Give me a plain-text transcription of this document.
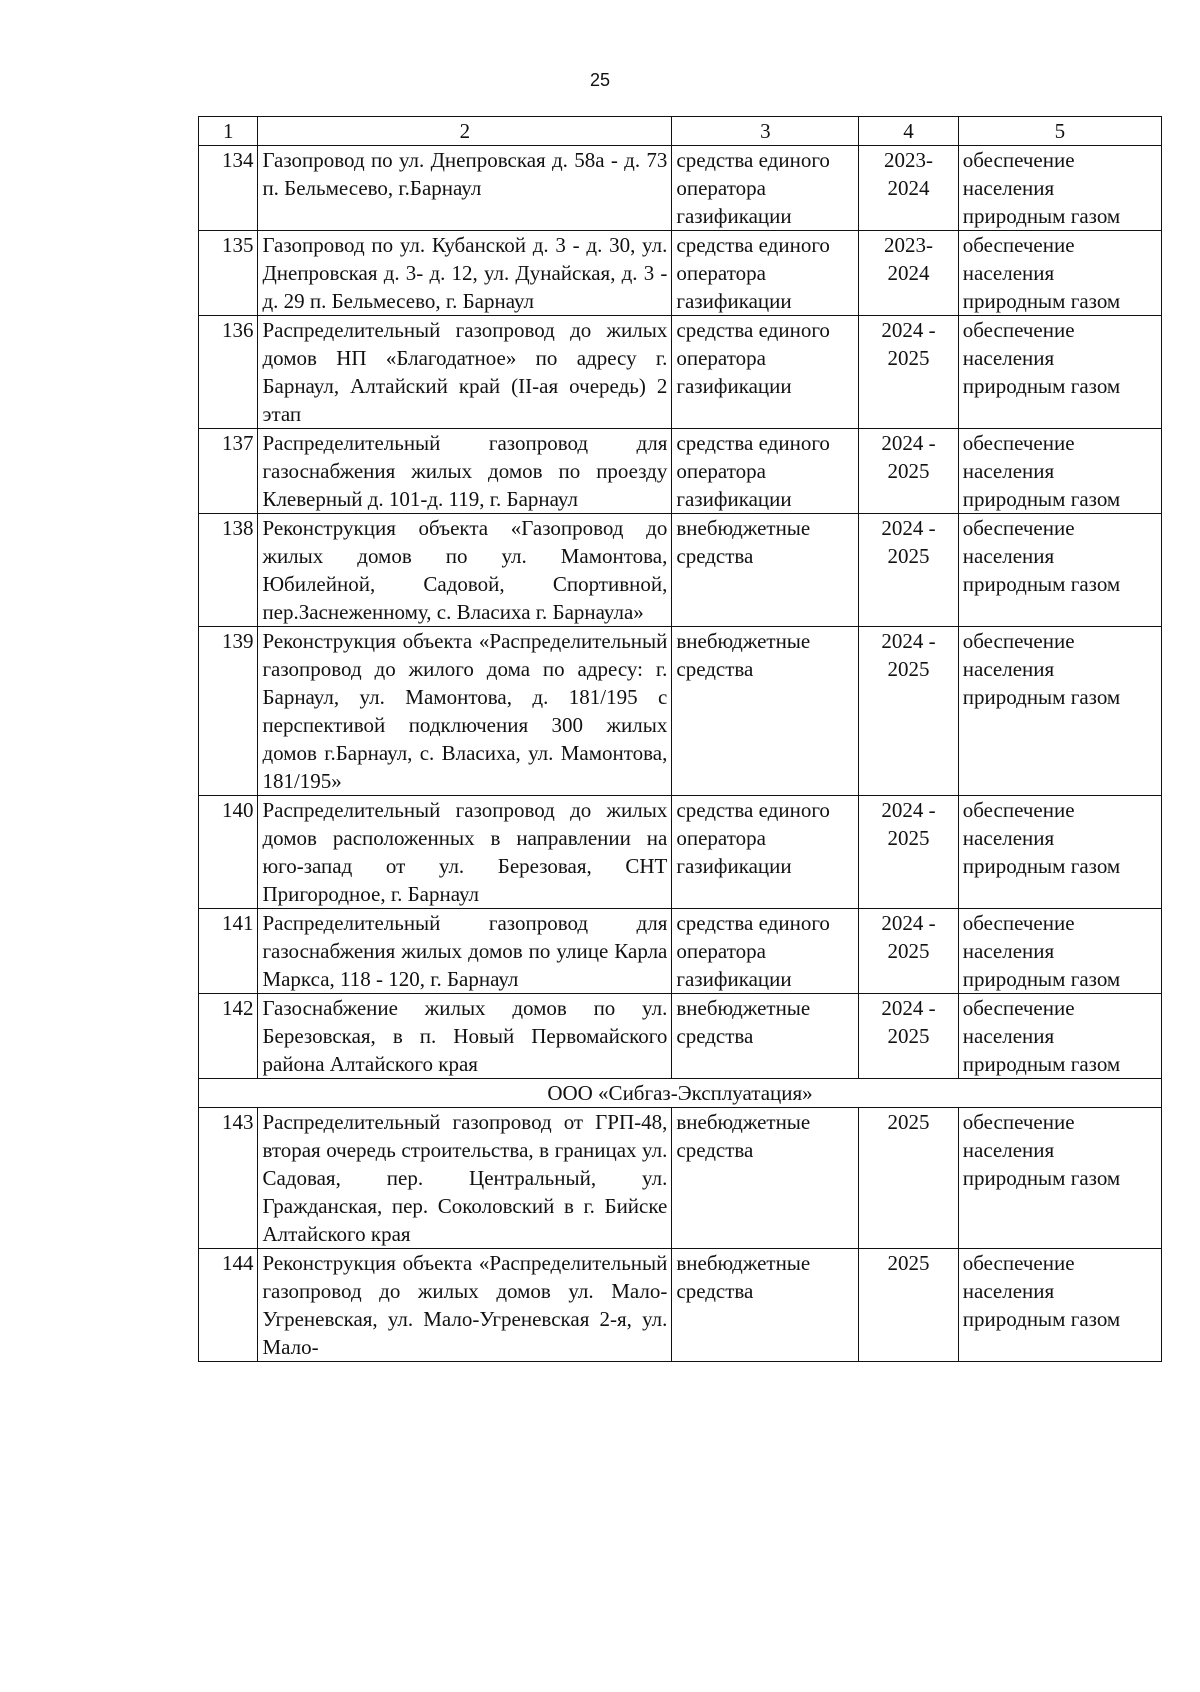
25
1	2	3	4	5
134	Газопровод по ул. Днепровская д. 58а - д. 73 п. Бельмесево, г.Барнаул	средства единого оператора газификации	2023-2024	обеспечение населения природным газом
135	Газопровод по ул. Кубанской д. 3 - д. 30, ул. Днепровская д. 3- д. 12, ул. Дунайская, д. 3 - д. 29 п. Бельмесево, г. Барнаул	средства единого оператора газификации	2023-2024	обеспечение населения природным газом
136	Распределительный газопровод до жилых домов НП «Благодатное» по адресу г. Барнаул, Алтайский край (II-ая очередь) 2 этап	средства единого оператора газификации	2024 - 2025	обеспечение населения природным газом
137	Распределительный газопровод для газоснабжения жилых домов по проезду Клеверный д. 101-д. 119, г. Барнаул	средства единого оператора газификации	2024 - 2025	обеспечение населения природным газом
138	Реконструкция объекта «Газопровод до жилых домов по ул. Мамонтова, Юбилейной, Садовой, Спортивной, пер.Заснеженному, с. Власиха г. Барнаула»	внебюджетные средства	2024 - 2025	обеспечение населения природным газом
139	Реконструкция объекта «Распределительный газопровод до жилого дома по адресу: г. Барнаул, ул. Мамонтова, д. 181/195 с перспективой подключения 300 жилых домов г.Барнаул, с. Власиха, ул. Мамонтова, 181/195»	внебюджетные средства	2024 - 2025	обеспечение населения природным газом
140	Распределительный газопровод до жилых домов расположенных в направлении на юго-запад от ул. Березовая, СНТ Пригородное, г. Барнаул	средства единого оператора газификации	2024 - 2025	обеспечение населения природным газом
141	Распределительный газопровод для газоснабжения жилых домов по улице Карла Маркса, 118 - 120, г. Барнаул	средства единого оператора газификации	2024 - 2025	обеспечение населения природным газом
142	Газоснабжение жилых домов по ул. Березовская, в п. Новый Первомайского района Алтайского края	внебюджетные средства	2024 - 2025	обеспечение населения природным газом
ООО «Сибгаз-Эксплуатация»				
143	Распределительный газопровод от ГРП-48, вторая очередь строительства, в границах ул. Садовая, пер. Центральный, ул. Гражданская, пер. Соколовский в г. Бийске Алтайского края	внебюджетные средства	2025	обеспечение населения природным газом
144	Реконструкция объекта «Распределительный газопровод до жилых домов ул. Мало-Угреневская, ул. Мало-Угреневская 2-я, ул. Мало-	внебюджетные средства	2025	обеспечение населения природным газом
